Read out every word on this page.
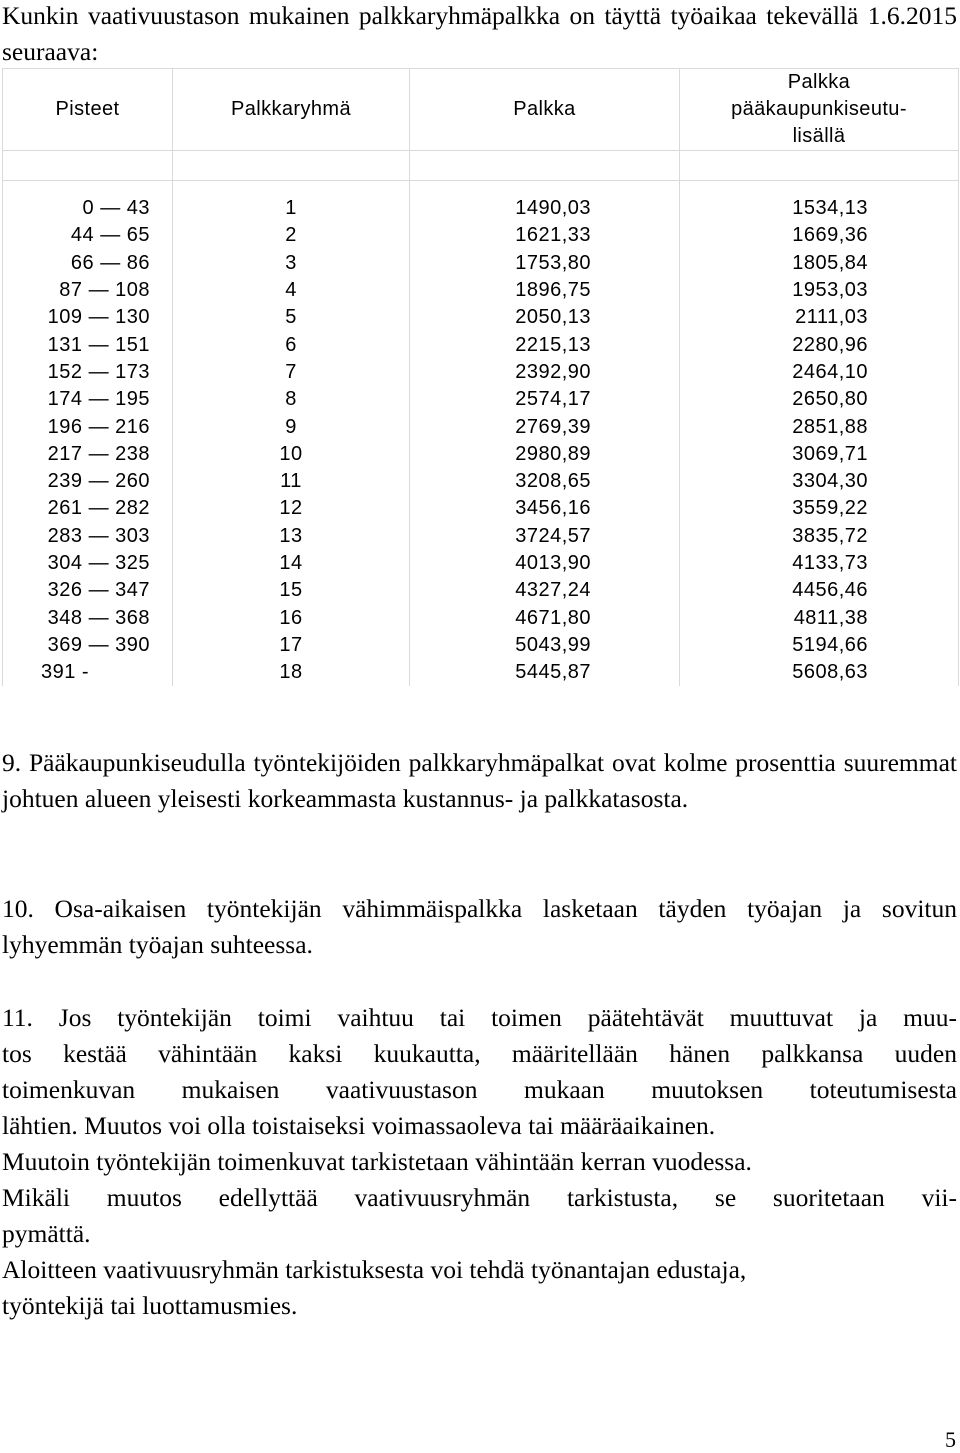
Kunkin vaativuustason mukainen palkkaryhmäpalkka on täyttä työaikaa tekevällä 1.6.2015 seuraava:
Pisteet	Palkkaryhmä	Palkka	Palkka pääkaupunkiseutu-lisällä

0 — 43	1	1490,03	1534,13
44 — 65	2	1621,33	1669,36
66 — 86	3	1753,80	1805,84
87 — 108	4	1896,75	1953,03
109 — 130	5	2050,13	2111,03
131 — 151	6	2215,13	2280,96
152 — 173	7	2392,90	2464,10
174 — 195	8	2574,17	2650,80
196 — 216	9	2769,39	2851,88
217 — 238	10	2980,89	3069,71
239 — 260	11	3208,65	3304,30
261 — 282	12	3456,16	3559,22
283 — 303	13	3724,57	3835,72
304 — 325	14	4013,90	4133,73
326 — 347	15	4327,24	4456,46
348 — 368	16	4671,80	4811,38
369 — 390	17	5043,99	5194,66
391 -	18	5445,87	5608,63
9. Pääkaupunkiseudulla työntekijöiden palkkaryhmäpalkat ovat kolme prosenttia suuremmat johtuen alueen yleisesti korkeammasta kustannus- ja palkkatasosta.
10. Osa-aikaisen työntekijän vähimmäispalkka lasketaan täyden työajan ja sovitun lyhyemmän työajan suhteessa.
11. Jos työntekijän toimi vaihtuu tai toimen päätehtävät muuttuvat ja muu-
tos kestää vähintään kaksi kuukautta, määritellään hänen palkkansa uuden
toimenkuvan mukaisen vaativuustason mukaan muutoksen toteutumisesta
lähtien. Muutos voi olla toistaiseksi voimassaoleva tai määräaikainen.
Muutoin työntekijän toimenkuvat tarkistetaan vähintään kerran vuodessa.
Mikäli muutos edellyttää vaativuusryhmän tarkistusta, se suoritetaan vii-
pymättä.
Aloitteen vaativuusryhmän tarkistuksesta voi tehdä työnantajan edustaja,
työntekijä tai luottamusmies.
5
